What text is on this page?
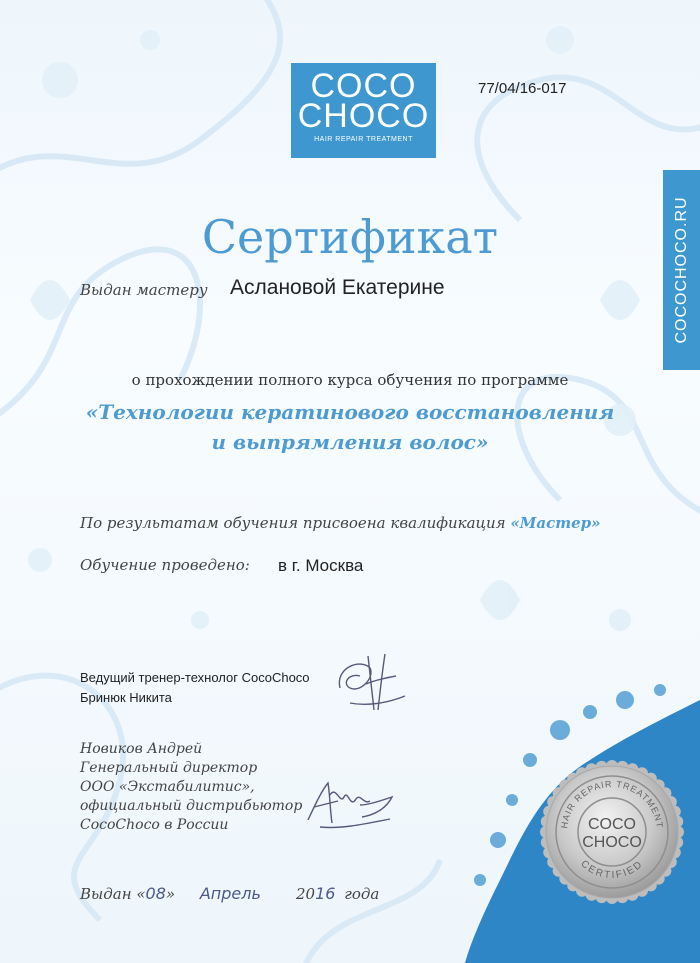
COCO
CHOCO
HAIR REPAIR TREATMENT
77/04/16-017
COCOCHOCO.RU
Сертификат
Выдан мастеру Аслановой Екатерине
о прохождении полного курса обучения по программе
«Технологии кератинового восстановления
и выпрямления волос»
По результатам обучения присвоена квалификация «Мастер»
Обучение проведено: в г. Москва
Ведущий тренер-технолог CocoChoco
Бринюк Никита
Новиков Андрей
Генеральный директор
ООО «Экстабилитис»,
официальный дистрибьютор
CocoChoco в России
Выдан «08» Апрель 2016 года
HAIR REPAIR TREATMENT
CERTIFIED
COCO
CHOCO
